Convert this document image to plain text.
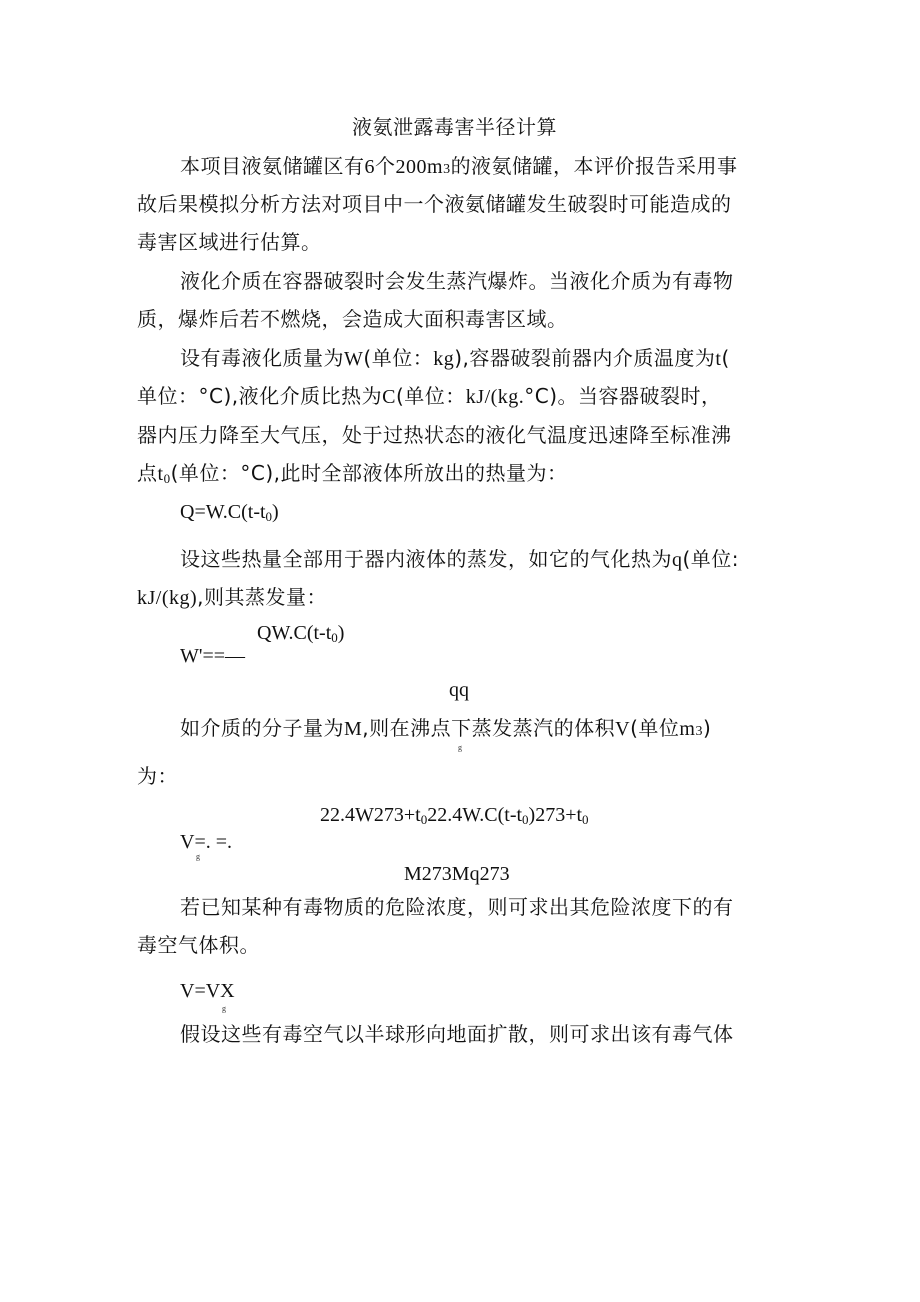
液氨泄露毒害半径计算
本项目液氨储罐区有6个200m3的液氨储罐，本评价报告采用事
故后果模拟分析方法对项目中一个液氨储罐发生破裂时可能造成的
毒害区域进行估算。
液化介质在容器破裂时会发生蒸汽爆炸。当液化介质为有毒物
质，爆炸后若不燃烧，会造成大面积毒害区域。
设有毒液化质量为W(单位：kg),容器破裂前器内介质温度为t(
单位：°C),液化介质比热为C(单位：kJ/(kg.°C)。当容器破裂时，
器内压力降至大气压，处于过热状态的液化气温度迅速降至标准沸
点$t_0$(单位：°C),此时全部液体所放出的热量为：
$Q=W.C(t-t_0)$
设这些热量全部用于器内液体的蒸发，如它的气化热为q(单位:
kJ/(kg),则其蒸发量：
$QW.C(t-t_0)$
W'==—
qq
如介质的分子量为M,则在沸点下蒸发蒸汽的体积V(单位m3)
g
为：
$22.4W273+t_022.4W.C(t-t_0)273+t_0$
V=. =.
g
M273Mq273
若已知某种有毒物质的危险浓度，则可求出其危险浓度下的有
毒空气体积。
V=VX
g
假设这些有毒空气以半球形向地面扩散，则可求出该有毒气体
